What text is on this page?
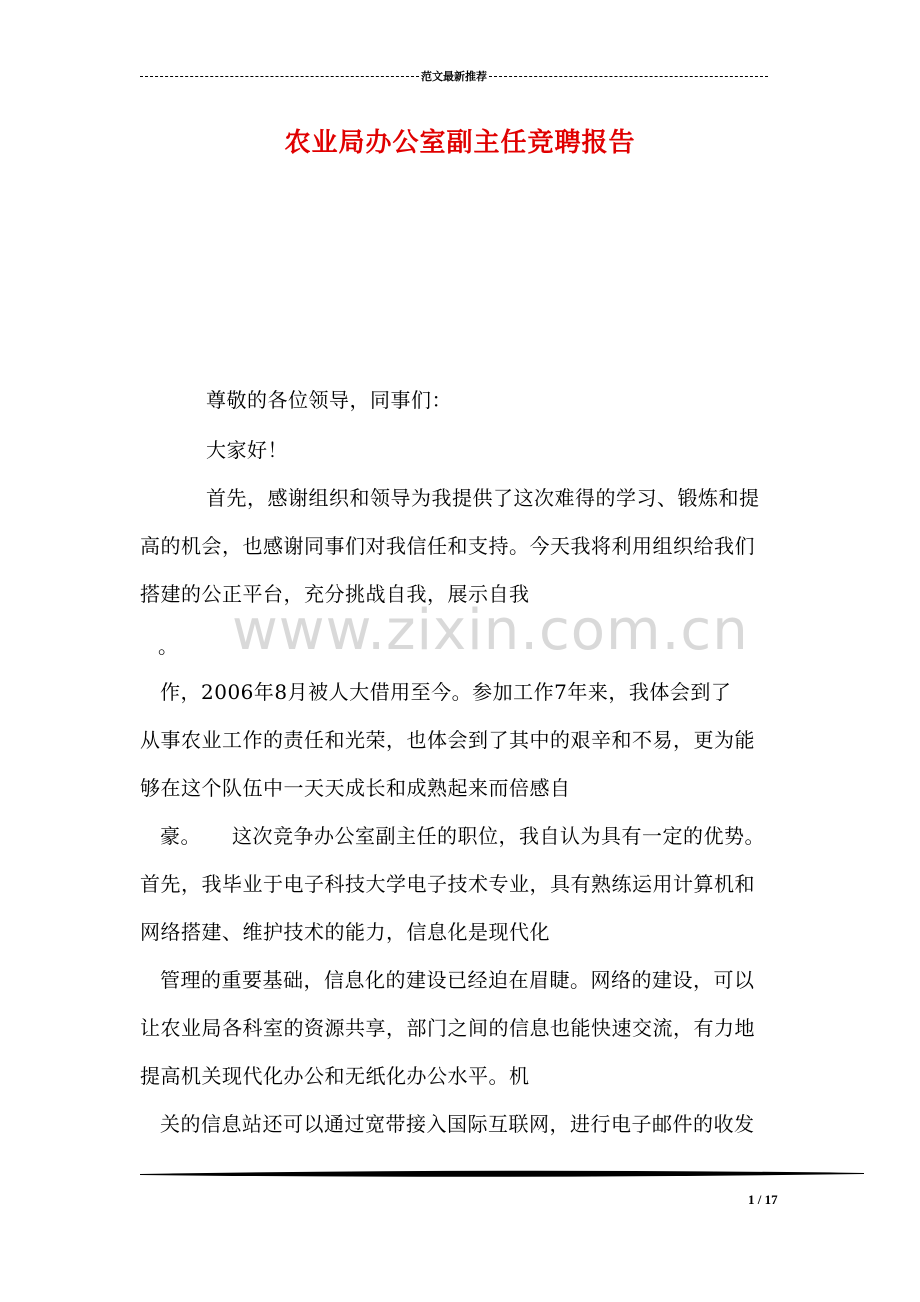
范文最新推荐
农业局办公室副主任竞聘报告
www.zixin.com.cn
尊敬的各位领导，同事们：
大家好！
首先，感谢组织和领导为我提供了这次难得的学习、锻炼和提
高的机会，也感谢同事们对我信任和支持。今天我将利用组织给我们
搭建的公正平台，充分挑战自我，展示自我
。
作，2006年8月被人大借用至今。参加工作7年来，我体会到了
从事农业工作的责任和光荣，也体会到了其中的艰辛和不易，更为能
够在这个队伍中一天天成长和成熟起来而倍感自
豪。　　这次竞争办公室副主任的职位，我自认为具有一定的优势。
首先，我毕业于电子科技大学电子技术专业，具有熟练运用计算机和
网络搭建、维护技术的能力，信息化是现代化
管理的重要基础，信息化的建设已经迫在眉睫。网络的建设，可以
让农业局各科室的资源共享，部门之间的信息也能快速交流，有力地
提高机关现代化办公和无纸化办公水平。机
关的信息站还可以通过宽带接入国际互联网，进行电子邮件的收发
1 / 17
